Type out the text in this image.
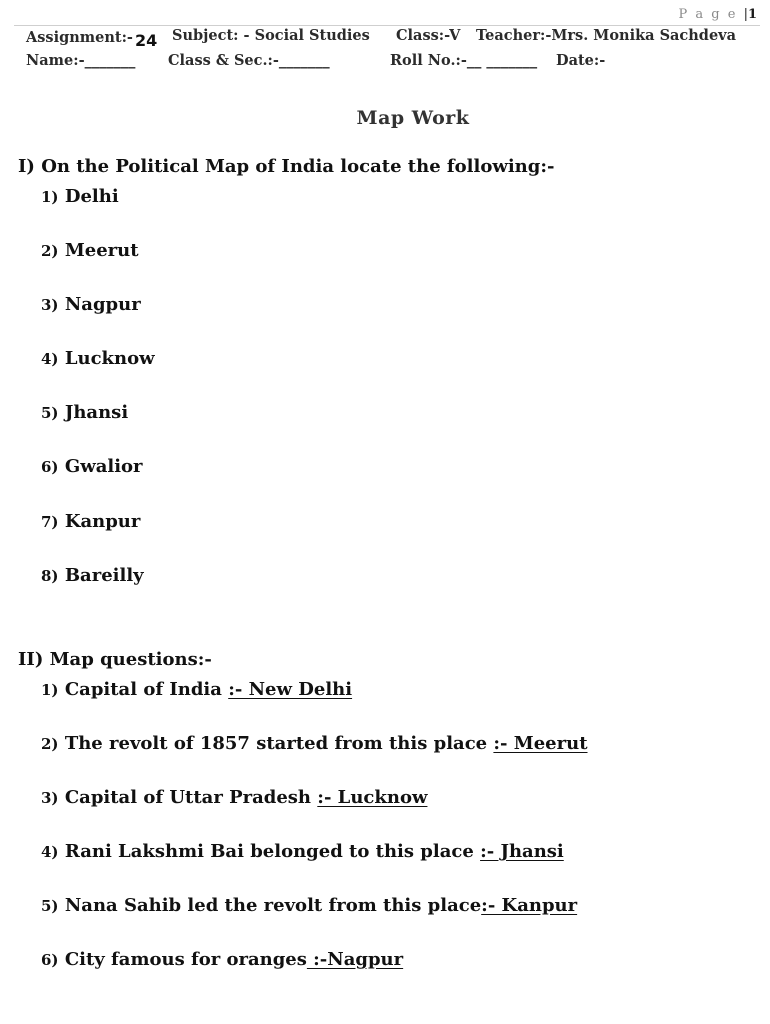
P a g e |1
Assignment:- 24 Subject: - Social Studies Class:-V Teacher:-Mrs. Monika Sachdeva
Name:-_______ Class & Sec.:-_______	Roll No.:-__ _______ Date:-
Map Work
I) On the Political Map of India locate the following:-
1) Delhi
2) Meerut
3) Nagpur
4) Lucknow
5) Jhansi
6) Gwalior
7) Kanpur
8) Bareilly
II) Map questions:-
1) Capital of India :- New Delhi
2) The revolt of 1857 started from this place :- Meerut
3) Capital of Uttar Pradesh :- Lucknow
4) Rani Lakshmi Bai belonged to this place :- Jhansi
5) Nana Sahib led the revolt from this place:- Kanpur
6) City famous for oranges :-Nagpur
